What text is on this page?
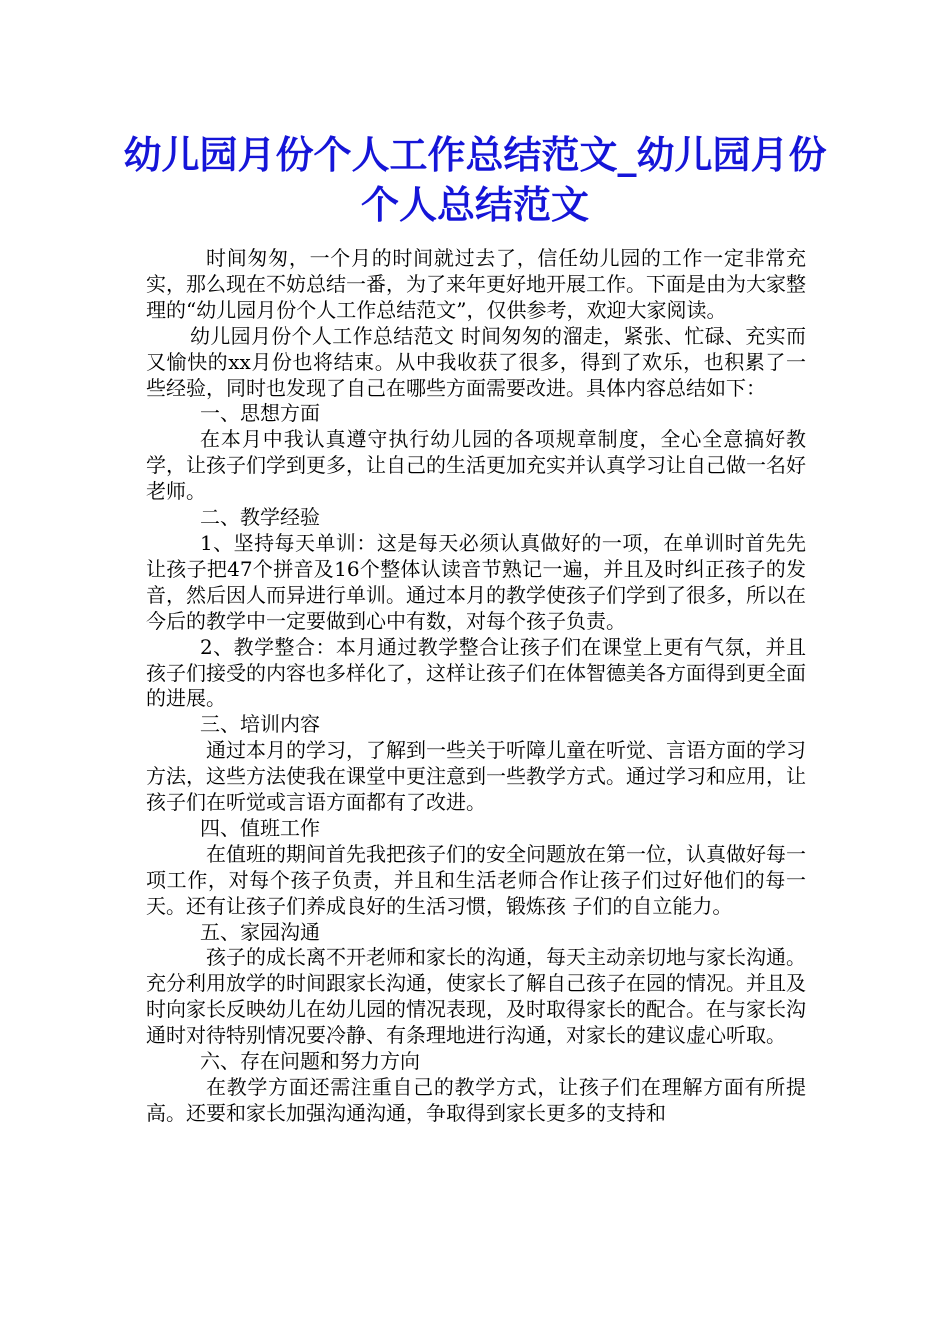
幼儿园月份个人工作总结范文_幼儿园月份个人总结范文

时间匆匆，一个月的时间就过去了，信任幼儿园的工作一定非常充实，那么现在不妨总结一番，为了来年更好地开展工作。下面是由为大家整理的“幼儿园月份个人工作总结范文”，仅供参考，欢迎大家阅读。

幼儿园月份个人工作总结范文 时间匆匆的溜走，紧张、忙碌、充实而又愉快的xx月份也将结束。从中我收获了很多，得到了欢乐，也积累了一些经验，同时也发现了自己在哪些方面需要改进。具体内容总结如下：

一、思想方面

在本月中我认真遵守执行幼儿园的各项规章制度，全心全意搞好教学，让孩子们学到更多，让自己的生活更加充实并认真学习让自己做一名好老师。

二、教学经验

1、坚持每天单训：这是每天必须认真做好的一项，在单训时首先先让孩子把47个拼音及16个整体认读音节熟记一遍，并且及时纠正孩子的发音，然后因人而异进行单训。通过本月的教学使孩子们学到了很多，所以在今后的教学中一定要做到心中有数，对每个孩子负责。

2、教学整合：本月通过教学整合让孩子们在课堂上更有气氛，并且孩子们接受的内容也多样化了，这样让孩子们在体智德美各方面得到更全面的进展。

三、培训内容

通过本月的学习，了解到一些关于听障儿童在听觉、言语方面的学习方法，这些方法使我在课堂中更注意到一些教学方式。通过学习和应用，让孩子们在听觉或言语方面都有了改进。

四、值班工作

在值班的期间首先我把孩子们的安全问题放在第一位，认真做好每一项工作，对每个孩子负责，并且和生活老师合作让孩子们过好他们的每一天。还有让孩子们养成良好的生活习惯，锻炼孩 子们的自立能力。

五、家园沟通

孩子的成长离不开老师和家长的沟通，每天主动亲切地与家长沟通。充分利用放学的时间跟家长沟通，使家长了解自己孩子在园的情况。并且及时向家长反映幼儿在幼儿园的情况表现，及时取得家长的配合。在与家长沟通时对待特别情况要冷静、有条理地进行沟通，对家长的建议虚心听取。

六、存在问题和努力方向

在教学方面还需注重自己的教学方式，让孩子们在理解方面有所提高。还要和家长加强沟通沟通，争取得到家长更多的支持和
